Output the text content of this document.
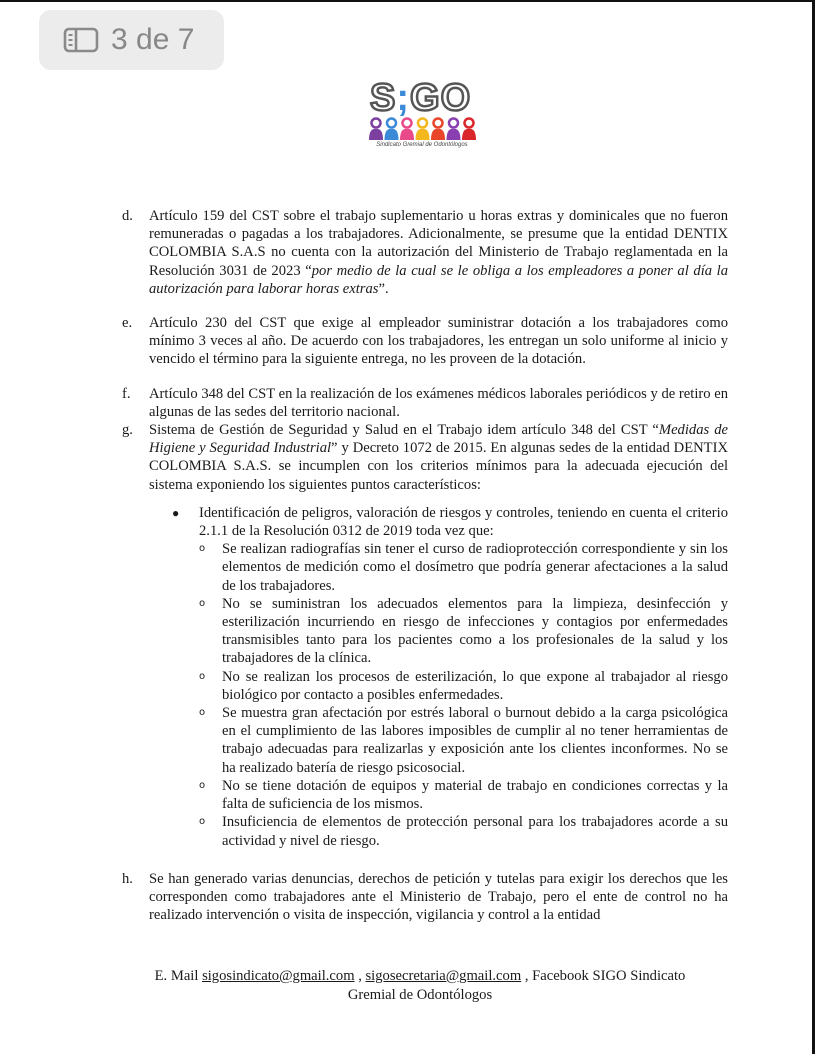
3 de 7
S;GO
Sindicato Gremial de Odontólogos
d.	Artículo 159 del CST sobre el trabajo suplementario u horas extras y dominicales que no fueron remuneradas o pagadas a los trabajadores. Adicionalmente, se presume que la entidad DENTIX COLOMBIA S.A.S no cuenta con la autorización del Ministerio de Trabajo reglamentada en la Resolución 3031 de 2023 “por medio de la cual se le obliga a los empleadores a poner al día la autorización para laborar horas extras”.
e.	Artículo 230 del CST que exige al empleador suministrar dotación a los trabajadores como mínimo 3 veces al año. De acuerdo con los trabajadores, les entregan un solo uniforme al inicio y vencido el término para la siguiente entrega, no les proveen de la dotación.
f.	Artículo 348 del CST en la realización de los exámenes médicos laborales periódicos y de retiro en algunas de las sedes del territorio nacional.
g.	Sistema de Gestión de Seguridad y Salud en el Trabajo idem artículo 348 del CST “Medidas de Higiene y Seguridad Industrial” y Decreto 1072 de 2015. En algunas sedes de la entidad DENTIX COLOMBIA S.A.S. se incumplen con los criterios mínimos para la adecuada ejecución del sistema exponiendo los siguientes puntos característicos:
●	Identificación de peligros, valoración de riesgos y controles, teniendo en cuenta el criterio 2.1.1 de la Resolución 0312 de 2019 toda vez que:
o	Se realizan radiografías sin tener el curso de radioprotección correspondiente y sin los elementos de medición como el dosímetro que podría generar afectaciones a la salud de los trabajadores.
o	No se suministran los adecuados elementos para la limpieza, desinfección y esterilización incurriendo en riesgo de infecciones y contagios por enfermedades transmisibles tanto para los pacientes como a los profesionales de la salud y los trabajadores de la clínica.
o	No se realizan los procesos de esterilización, lo que expone al trabajador al riesgo biológico por contacto a posibles enfermedades.
o	Se muestra gran afectación por estrés laboral o burnout debido a la carga psicológica en el cumplimiento de las labores imposibles de cumplir al no tener herramientas de trabajo adecuadas para realizarlas y exposición ante los clientes inconformes. No se ha realizado batería de riesgo psicosocial.
o	No se tiene dotación de equipos y material de trabajo en condiciones correctas y la falta de suficiencia de los mismos.
o	Insuficiencia de elementos de protección personal para los trabajadores acorde a su actividad y nivel de riesgo.
h.	Se han generado varias denuncias, derechos de petición y tutelas para exigir los derechos que les corresponden como trabajadores ante el Ministerio de Trabajo, pero el ente de control no ha realizado intervención o visita de inspección, vigilancia y control a la entidad
E. Mail sigosindicato@gmail.com , sigosecretaria@gmail.com , Facebook SIGO Sindicato
Gremial de Odontólogos
